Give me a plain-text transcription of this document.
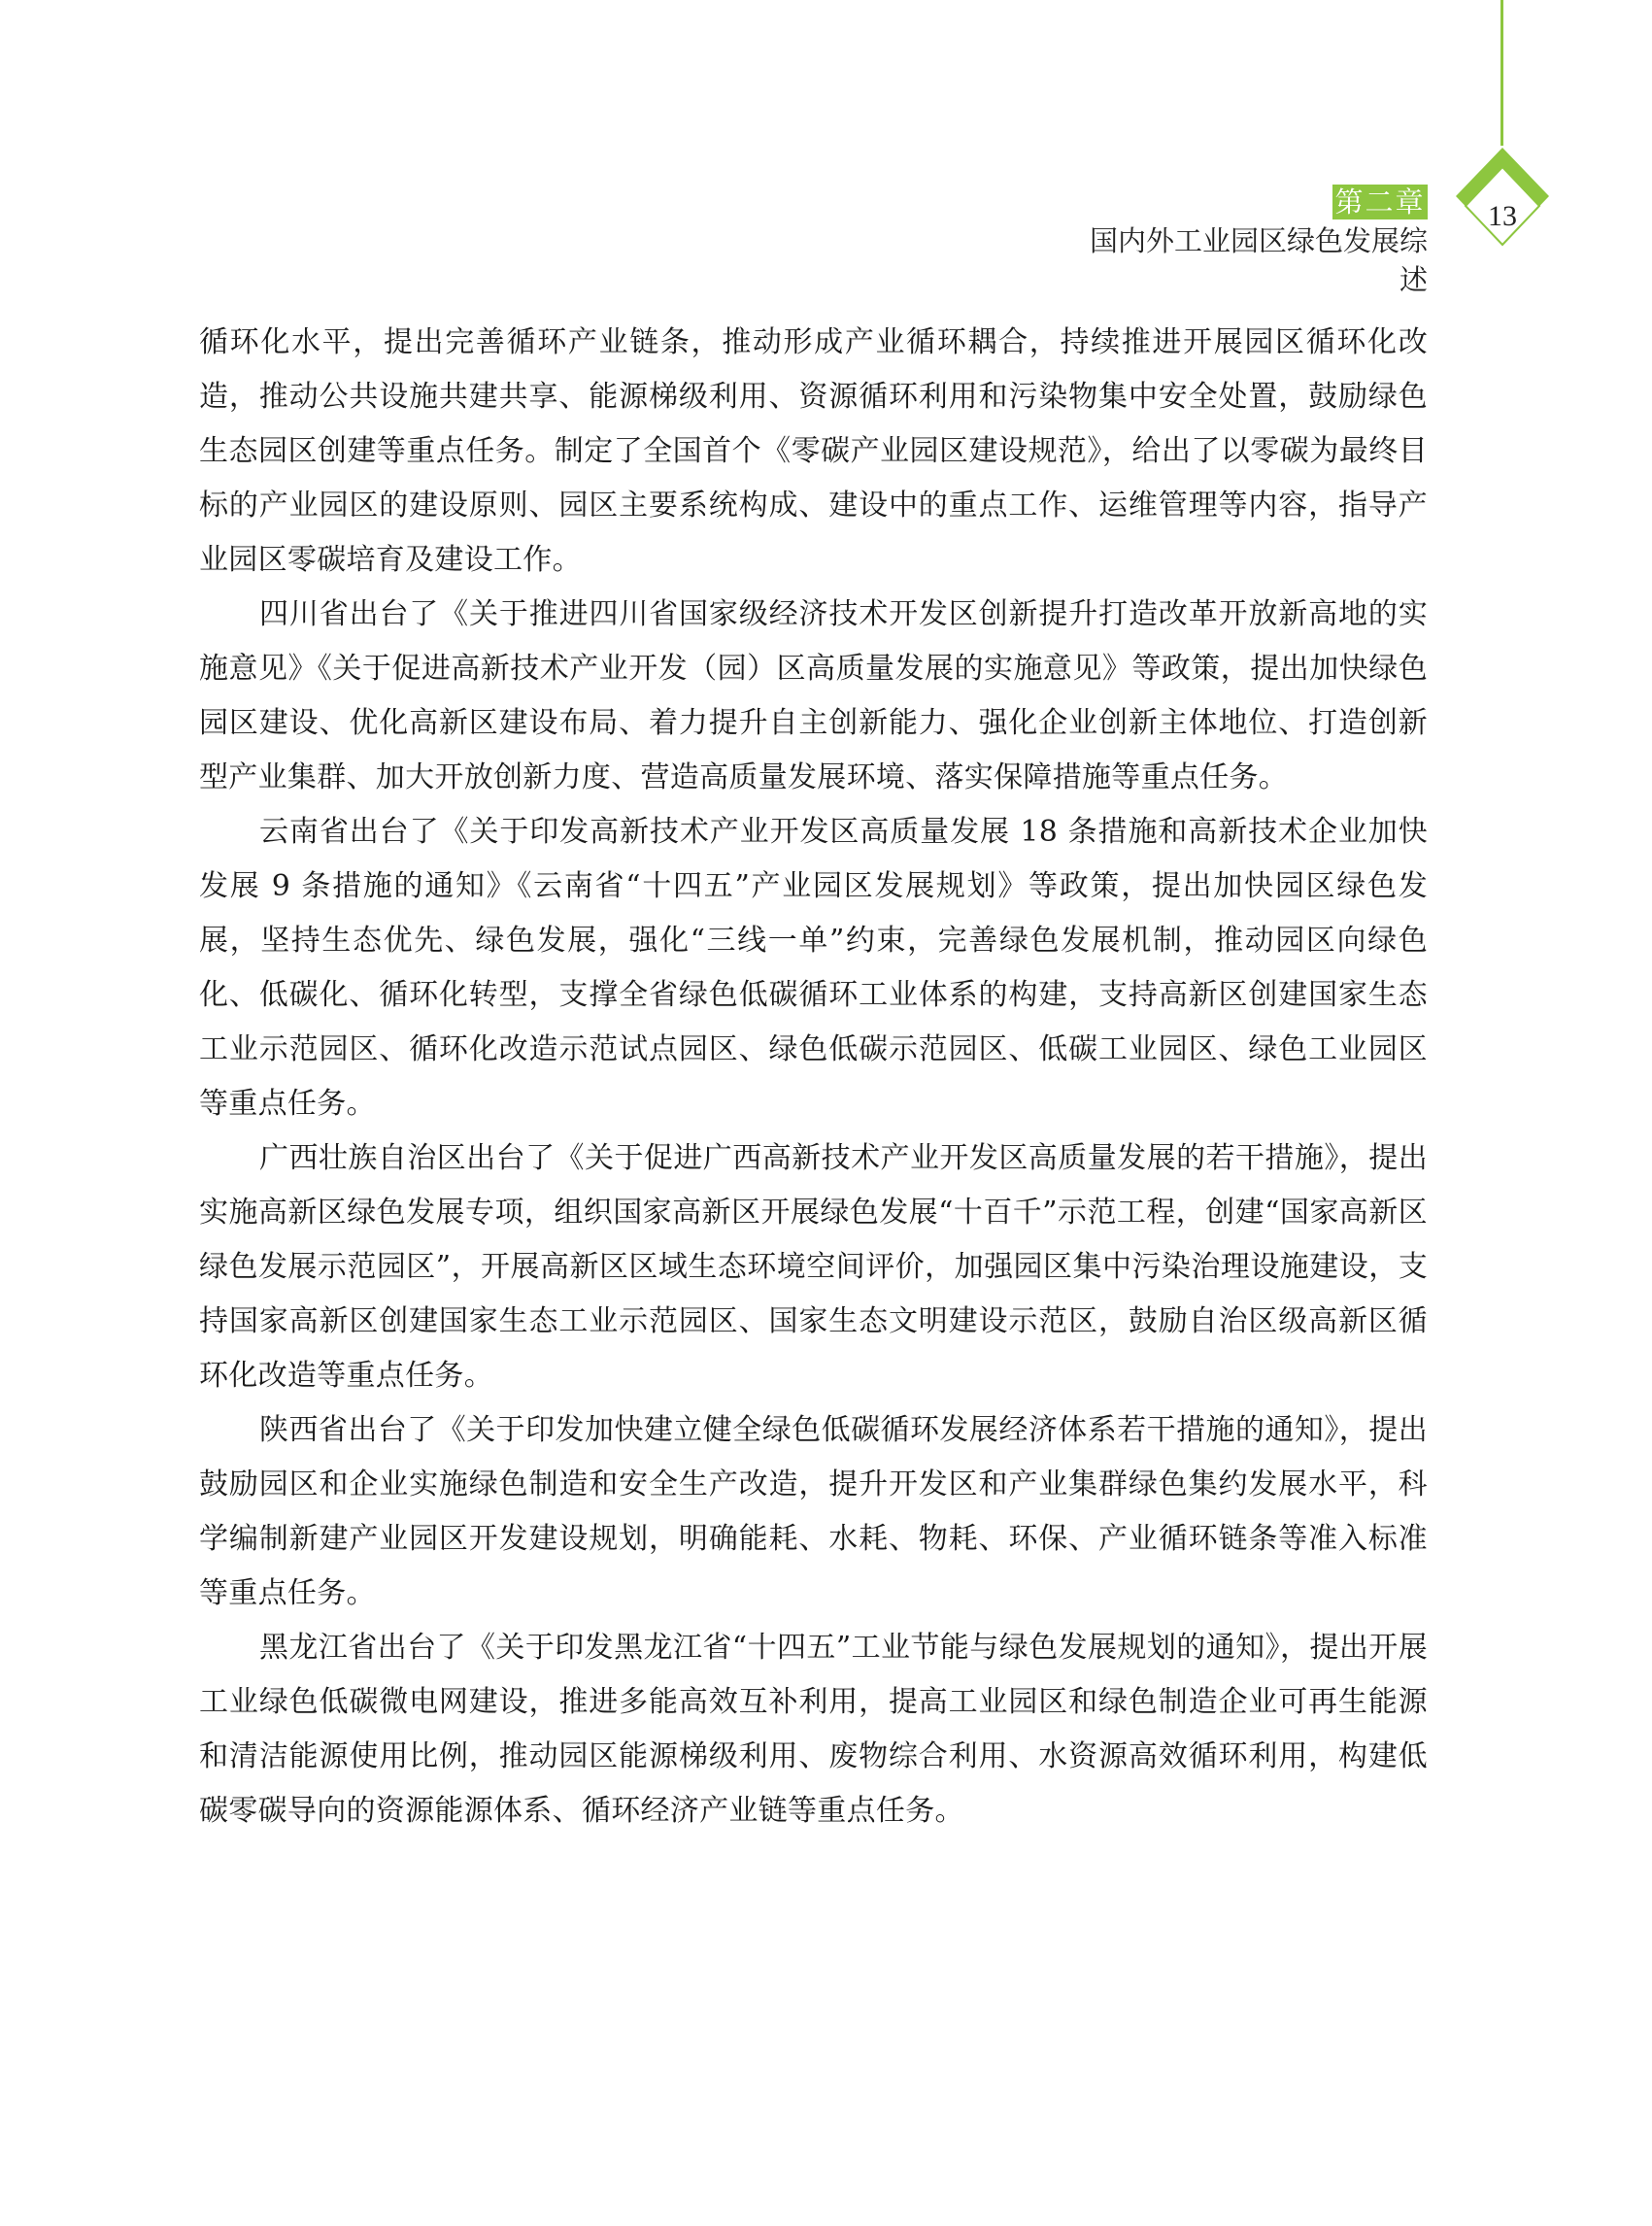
第二章
国内外工业园区绿色发展综述
13

循环化水平，提出完善循环产业链条，推动形成产业循环耦合，持续推进开展园区循环化改造，推动公共设施共建共享、能源梯级利用、资源循环利用和污染物集中安全处置，鼓励绿色生态园区创建等重点任务。制定了全国首个《零碳产业园区建设规范》，给出了以零碳为最终目标的产业园区的建设原则、园区主要系统构成、建设中的重点工作、运维管理等内容，指导产业园区零碳培育及建设工作。

四川省出台了《关于推进四川省国家级经济技术开发区创新提升打造改革开放新高地的实施意见》《关于促进高新技术产业开发（园）区高质量发展的实施意见》等政策，提出加快绿色园区建设、优化高新区建设布局、着力提升自主创新能力、强化企业创新主体地位、打造创新型产业集群、加大开放创新力度、营造高质量发展环境、落实保障措施等重点任务。

云南省出台了《关于印发高新技术产业开发区高质量发展 18 条措施和高新技术企业加快发展 9 条措施的通知》《云南省“十四五”产业园区发展规划》等政策，提出加快园区绿色发展，坚持生态优先、绿色发展，强化“三线一单”约束，完善绿色发展机制，推动园区向绿色化、低碳化、循环化转型，支撑全省绿色低碳循环工业体系的构建，支持高新区创建国家生态工业示范园区、循环化改造示范试点园区、绿色低碳示范园区、低碳工业园区、绿色工业园区等重点任务。

广西壮族自治区出台了《关于促进广西高新技术产业开发区高质量发展的若干措施》，提出实施高新区绿色发展专项，组织国家高新区开展绿色发展“十百千”示范工程，创建“国家高新区绿色发展示范园区”，开展高新区区域生态环境空间评价，加强园区集中污染治理设施建设，支持国家高新区创建国家生态工业示范园区、国家生态文明建设示范区，鼓励自治区级高新区循环化改造等重点任务。

陕西省出台了《关于印发加快建立健全绿色低碳循环发展经济体系若干措施的通知》，提出鼓励园区和企业实施绿色制造和安全生产改造，提升开发区和产业集群绿色集约发展水平，科学编制新建产业园区开发建设规划，明确能耗、水耗、物耗、环保、产业循环链条等准入标准等重点任务。

黑龙江省出台了《关于印发黑龙江省“十四五”工业节能与绿色发展规划的通知》，提出开展工业绿色低碳微电网建设，推进多能高效互补利用，提高工业园区和绿色制造企业可再生能源和清洁能源使用比例，推动园区能源梯级利用、废物综合利用、水资源高效循环利用，构建低碳零碳导向的资源能源体系、循环经济产业链等重点任务。
